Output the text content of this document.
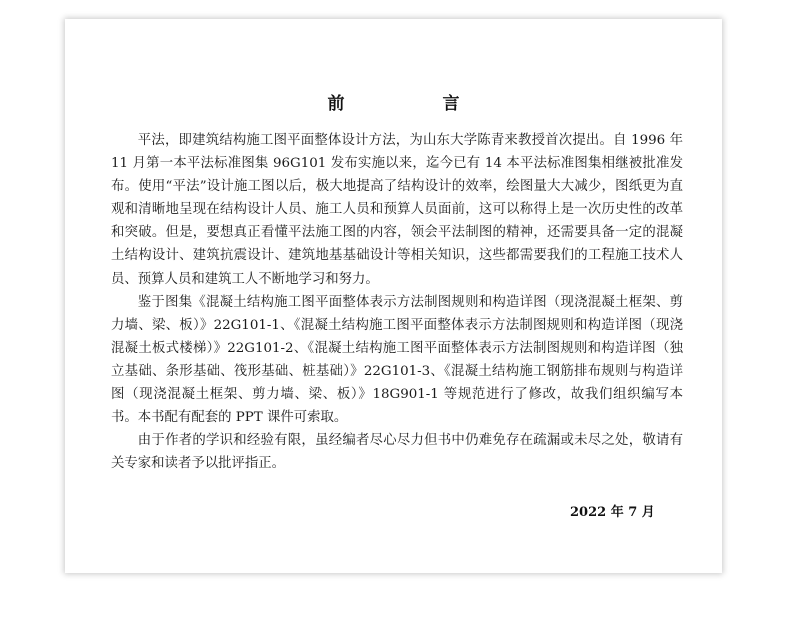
前 言

平法，即建筑结构施工图平面整体设计方法，为山东大学陈青来教授首次提出。自 1996 年 11 月第一本平法标准图集 96G101 发布实施以来，迄今已有 14 本平法标准图集相继被批准发布。使用“平法”设计施工图以后，极大地提高了结构设计的效率，绘图量大大减少，图纸更为直观和清晰地呈现在结构设计人员、施工人员和预算人员面前，这可以称得上是一次历史性的改革和突破。但是，要想真正看懂平法施工图的内容，领会平法制图的精神，还需要具备一定的混凝土结构设计、建筑抗震设计、建筑地基基础设计等相关知识，这些都需要我们的工程施工技术人员、预算人员和建筑工人不断地学习和努力。

鉴于图集《混凝土结构施工图平面整体表示方法制图规则和构造详图（现浇混凝土框架、剪力墙、梁、板）》22G101-1、《混凝土结构施工图平面整体表示方法制图规则和构造详图（现浇混凝土板式楼梯）》22G101-2、《混凝土结构施工图平面整体表示方法制图规则和构造详图（独立基础、条形基础、筏形基础、桩基础）》22G101-3、《混凝土结构施工钢筋排布规则与构造详图（现浇混凝土框架、剪力墙、梁、板）》18G901-1 等规范进行了修改，故我们组织编写本书。本书配有配套的 PPT 课件可索取。

由于作者的学识和经验有限，虽经编者尽心尽力但书中仍难免存在疏漏或未尽之处，敬请有关专家和读者予以批评指正。

2022 年 7 月
